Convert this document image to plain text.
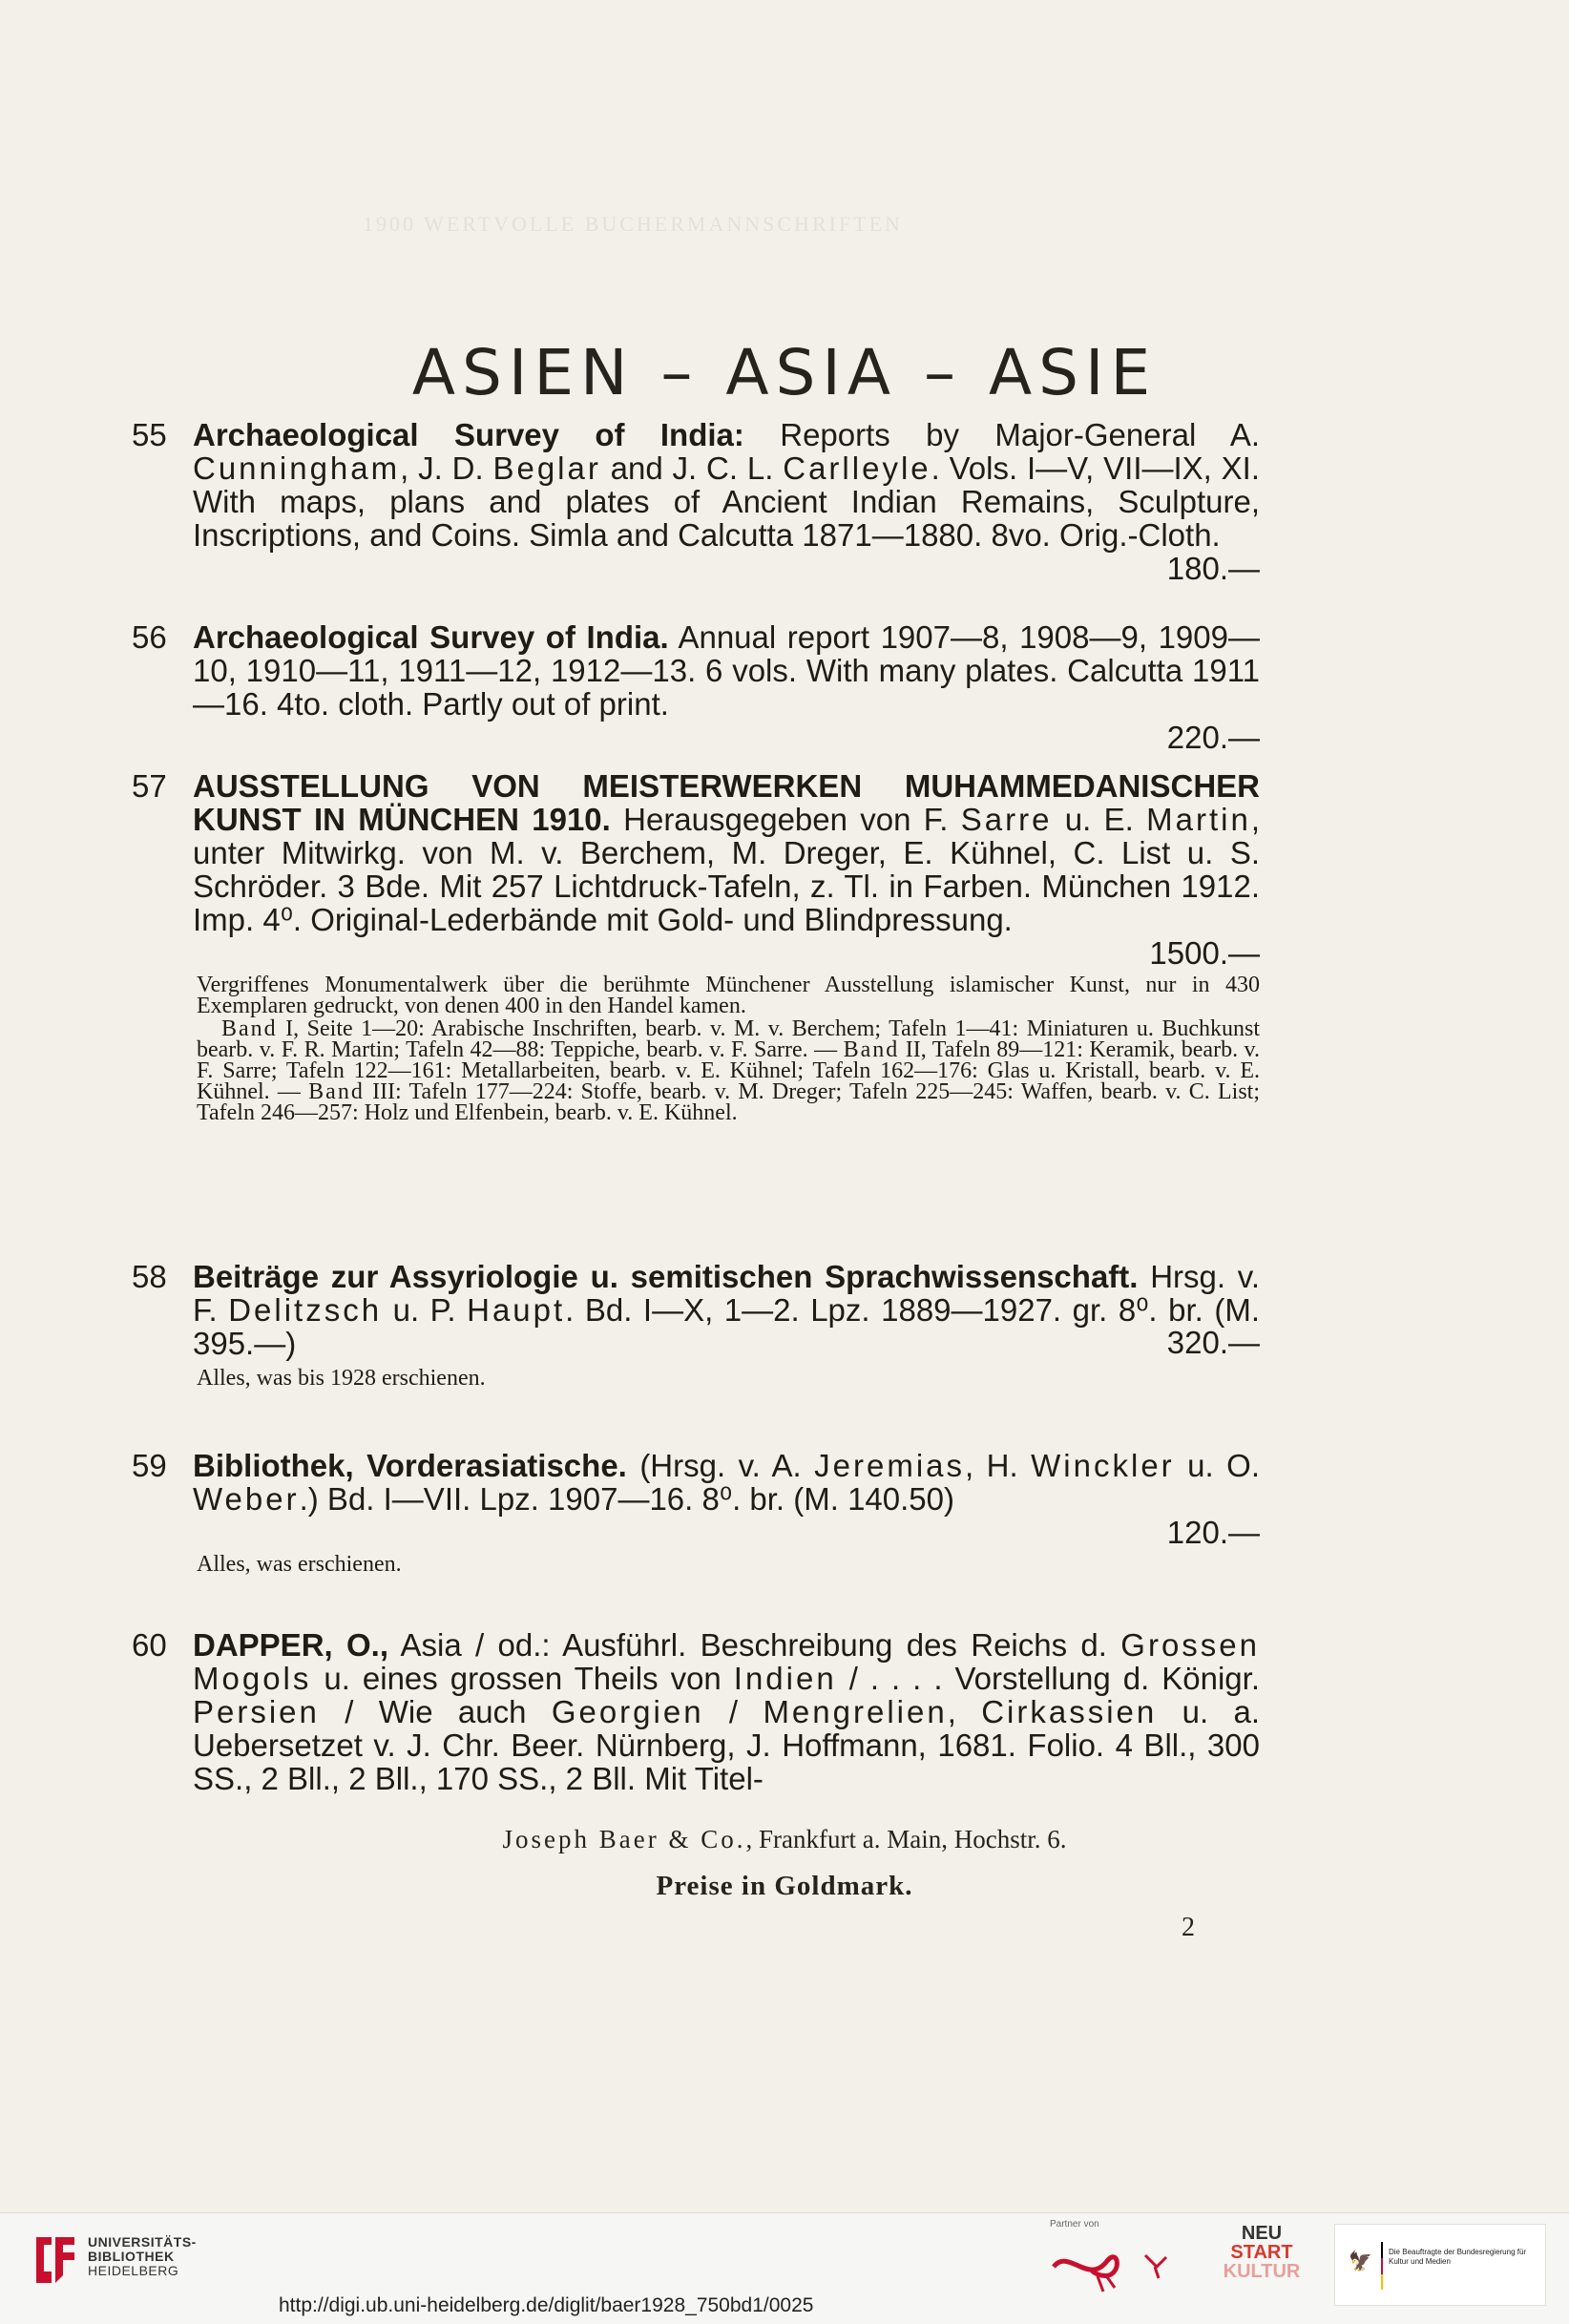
1900 WERTVOLLE BUCHERMANNSCHRIFTEN
ASIEN – ASIA – ASIE
55 Archaeological Survey of India: Reports by Major-General A. Cunningham, J. D. Beglar and J. C. L. Carlleyle. Vols. I—V, VII—IX, XI. With maps, plans and plates of Ancient Indian Remains, Sculpture, Inscriptions, and Coins. Simla and Calcutta 1871—1880. 8vo. Orig.-Cloth.
180.—
56 Archaeological Survey of India. Annual report 1907—8, 1908—9, 1909—10, 1910—11, 1911—12, 1912—13. 6 vols. With many plates. Calcutta 1911—16. 4to. cloth. Partly out of print.
220.—
57 AUSSTELLUNG VON MEISTERWERKEN MUHAMMEDANISCHER KUNST IN MÜNCHEN 1910. Herausgegeben von F. Sarre u. E. Martin, unter Mitwirkg. von M. v. Berchem, M. Dreger, E. Kühnel, C. List u. S. Schröder. 3 Bde. Mit 257 Lichtdruck-Tafeln, z. Tl. in Farben. München 1912. Imp. 4⁰. Original-Lederbände mit Gold- und Blindpressung.
1500.—
Vergriffenes Monumentalwerk über die berühmte Münchener Ausstellung islamischer Kunst, nur in 430 Exemplaren gedruckt, von denen 400 in den Handel kamen.
Band I, Seite 1—20: Arabische Inschriften, bearb. v. M. v. Berchem; Tafeln 1—41: Miniaturen u. Buchkunst bearb. v. F. R. Martin; Tafeln 42—88: Teppiche, bearb. v. F. Sarre. — Band II, Tafeln 89—121: Keramik, bearb. v. F. Sarre; Tafeln 122—161: Metallarbeiten, bearb. v. E. Kühnel; Tafeln 162—176: Glas u. Kristall, bearb. v. E. Kühnel. — Band III: Tafeln 177—224: Stoffe, bearb. v. M. Dreger; Tafeln 225—245: Waffen, bearb. v. C. List; Tafeln 246—257: Holz und Elfenbein, bearb. v. E. Kühnel.
58 Beiträge zur Assyriologie u. semitischen Sprachwissenschaft. Hrsg. v. F. Delitzsch u. P. Haupt. Bd. I—X, 1—2. Lpz. 1889—1927. gr. 8⁰. br. (M. 395.—)	320.—
Alles, was bis 1928 erschienen.
59 Bibliothek, Vorderasiatische. (Hrsg. v. A. Jeremias, H. Winckler u. O. Weber.) Bd. I—VII. Lpz. 1907—16. 8⁰. br. (M. 140.50)
120.—
Alles, was erschienen.
60 DAPPER, O., Asia / od.: Ausführl. Beschreibung des Reichs d. Grossen Mogols u. eines grossen Theils von Indien / . . . . Vorstellung d. Königr. Persien / Wie auch Georgien / Mengrelien, Cirkassien u. a. Uebersetzet v. J. Chr. Beer. Nürnberg, J. Hoffmann, 1681. Folio. 4 Bll., 300 SS., 2 Bll., 2 Bll., 170 SS., 2 Bll. Mit Titel-
Joseph Baer & Co., Frankfurt a. Main, Hochstr. 6.
Preise in Goldmark.
2
UNIVERSITÄTS-
BIBLIOTHEK
HEIDELBERG
Partner von	NEU
START
KULTUR	🦅 Die Beauftragte der Bundesregierung für Kultur und Medien
http://digi.ub.uni-heidelberg.de/diglit/baer1928_750bd1/0025
